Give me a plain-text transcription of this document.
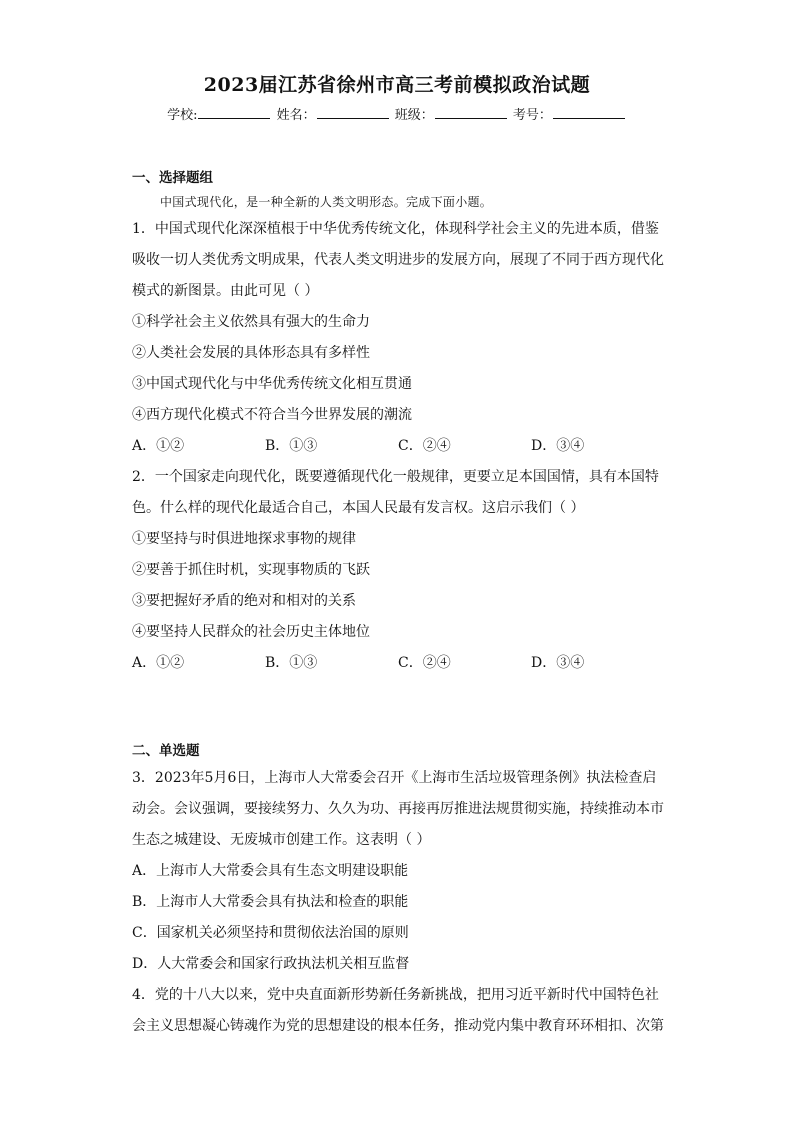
2023届江苏省徐州市高三考前模拟政治试题
学校:	姓名：	班级：	考号：
一、选择题组
中国式现代化，是一种全新的人类文明形态。完成下面小题。
1．中国式现代化深深植根于中华优秀传统文化，体现科学社会主义的先进本质，借鉴
吸收一切人类优秀文明成果，代表人类文明进步的发展方向，展现了不同于西方现代化
模式的新图景。由此可见（ ）
①科学社会主义依然具有强大的生命力
②人类社会发展的具体形态具有多样性
③中国式现代化与中华优秀传统文化相互贯通
④西方现代化模式不符合当今世界发展的潮流
A．①②	B．①③	C．②④	D．③④
2．一个国家走向现代化，既要遵循现代化一般规律，更要立足本国国情，具有本国特
色。什么样的现代化最适合自己，本国人民最有发言权。这启示我们（ ）
①要坚持与时俱进地探求事物的规律
②要善于抓住时机，实现事物质的飞跃
③要把握好矛盾的绝对和相对的关系
④要坚持人民群众的社会历史主体地位
A．①②	B．①③	C．②④	D．③④
二、单选题
3．2023年5月6日，上海市人大常委会召开《上海市生活垃圾管理条例》执法检查启
动会。会议强调，要接续努力、久久为功、再接再厉推进法规贯彻实施，持续推动本市
生态之城建设、无废城市创建工作。这表明（ ）
A．上海市人大常委会具有生态文明建设职能
B．上海市人大常委会具有执法和检查的职能
C．国家机关必须坚持和贯彻依法治国的原则
D．人大常委会和国家行政执法机关相互监督
4．党的十八大以来，党中央直面新形势新任务新挑战，把用习近平新时代中国特色社
会主义思想凝心铸魂作为党的思想建设的根本任务，推动党内集中教育环环相扣、次第
